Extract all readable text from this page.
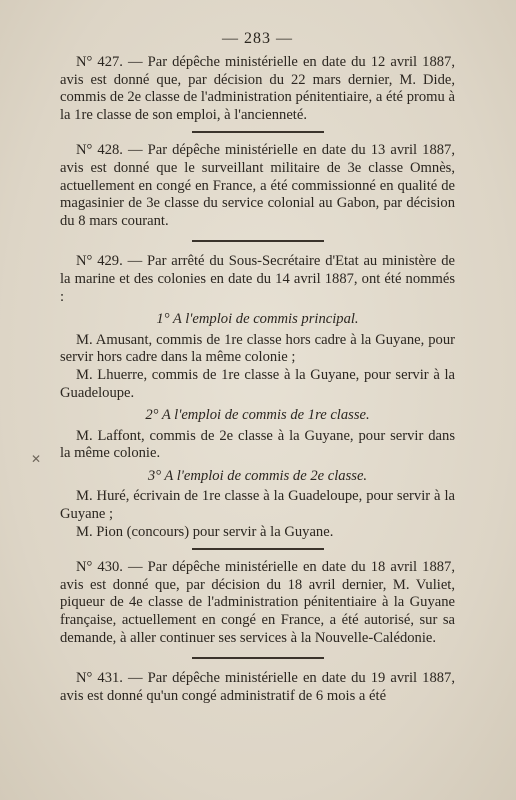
✕
— 283 —

N° 427. — Par dépêche ministérielle en date du 12 avril 1887, avis est donné que, par décision du 22 mars dernier, M. Dide, commis de 2e classe de l'administration pénitentiaire, a été promu à la 1re classe de son emploi, à l'ancienneté.

N° 428. — Par dépêche ministérielle en date du 13 avril 1887, avis est donné que le surveillant militaire de 3e classe Omnès, actuellement en congé en France, a été commissionné en qualité de magasinier de 3e classe du service colonial au Gabon, par décision du 8 mars courant.

N° 429. — Par arrêté du Sous-Secrétaire d'Etat au ministère de la marine et des colonies en date du 14 avril 1887, ont été nommés :

1° A l'emploi de commis principal.

M. Amusant, commis de 1re classe hors cadre à la Guyane, pour servir hors cadre dans la même colonie ;

M. Lhuerre, commis de 1re classe à la Guyane, pour servir à la Guadeloupe.

2° A l'emploi de commis de 1re classe.

M. Laffont, commis de 2e classe à la Guyane, pour servir dans la même colonie.

3° A l'emploi de commis de 2e classe.

M. Huré, écrivain de 1re classe à la Guadeloupe, pour servir à la Guyane ;

M. Pion (concours) pour servir à la Guyane.

N° 430. — Par dépêche ministérielle en date du 18 avril 1887, avis est donné que, par décision du 18 avril dernier, M. Vuliet, piqueur de 4e classe de l'administration pénitentiaire à la Guyane française, actuellement en congé en France, a été autorisé, sur sa demande, à aller continuer ses services à la Nouvelle-Calédonie.

N° 431. — Par dépêche ministérielle en date du 19 avril 1887, avis est donné qu'un congé administratif de 6 mois a été
